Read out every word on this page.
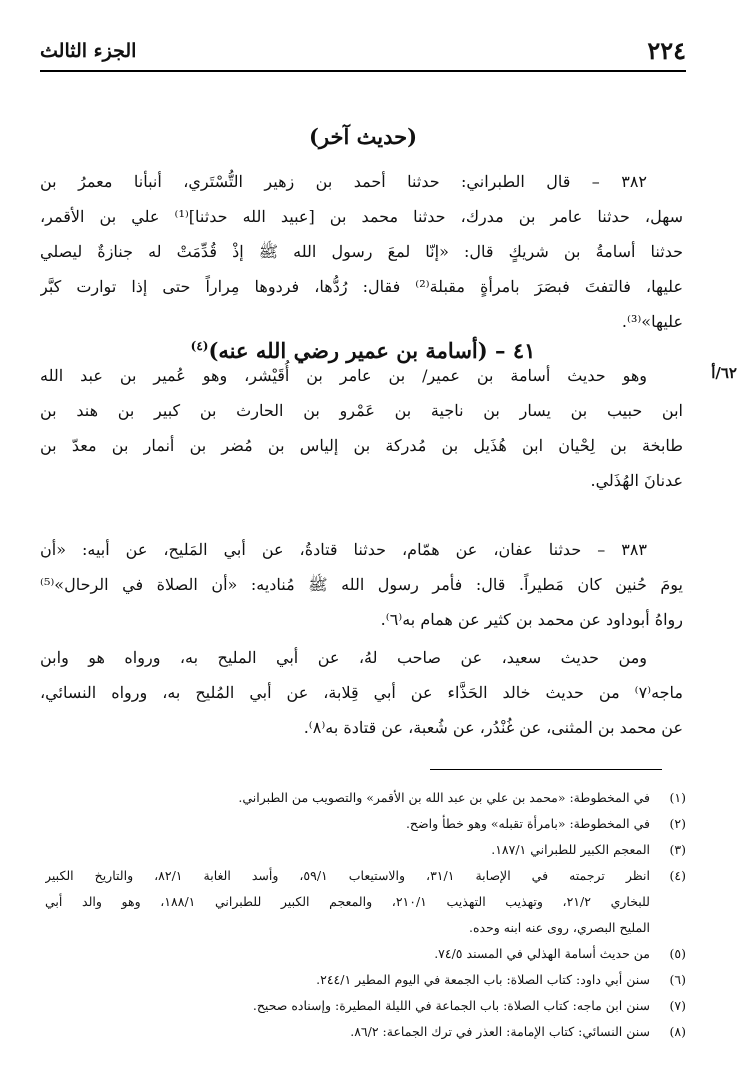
٢٢٤
الجزء الثالث
(حديث آخر)
٣٨٢ – قال الطبراني: حدثنا أحمد بن زهير التُّسْتَري، أنبأنا معمرُ بن
سهل، حدثنا عامر بن مدرك، حدثنا محمد بن [عبيد الله حدثنا]⁽¹⁾ علي بن الأقمر،
حدثنا أسامةُ بن شريكٍ قال: «إنّا لمعَ رسول الله ﷺ إذْ قُدِّمَتْ له جنازةٌ ليصلي
عليها، فالتفتَ فبصَرَ بامرأةٍ مقبلة⁽²⁾ فقال: رُدُّها، فردوها مِراراً حتى إذا توارت كبَّر
عليها»⁽³⁾.
٤١ – (أسامة بن عمير رضي الله عنه)$^{(٤)}$
٦٢/أ
وهو حديث أسامة بن عمير/ بن عامر بن أُقَيْشر، وهو عُمير بن عبد الله
ابن حبيب بن يسار بن ناجية بن عَمْرو بن الحارث بن كبير بن هند بن
طابخة بن لِحْيان ابن هُذَيل بن مُدركة بن إلياس بن مُضر بن أنمار بن معدّ بن
عدنانَ الهُذَلي.
٣٨٣ – حدثنا عفان، عن همّام، حدثنا قتادةُ، عن أبي المَليح، عن أبيه: «أن
يومَ حُنين كان مَطيراً. قال: فأمر رسول الله ﷺ مُناديه: «أن الصلاة في الرحال»⁽⁵⁾
رواهُ أبوداود عن محمد بن كثير عن همام به⁽٦⁾.
ومن حديث سعيد، عن صاحب لهُ، عن أبي المليح به، ورواه هو وابن
ماجه⁽٧⁾ من حديث خالد الحَذَّاء عن أبي قِلابة، عن أبي المُليح به، ورواه النسائي،
عن محمد بن المثنى، عن غُنْدُر، عن شُعبة، عن قتادة به⁽٨⁾.
(١)
في المخطوطة: «محمد بن علي بن عبد الله بن الأقمر» والتصويب من الطبراني.
(٢)
في المخطوطة: «بامرأة تقبله» وهو خطأ واضح.
(٣)
المعجم الكبير للطبراني ١٨٧/١.
(٤)
انظر ترجمته في الإصابة ٣١/١، والاستيعاب ٥٩/١، وأسد الغابة ٨٢/١، والتاريخ الكبير
للبخاري ٢١/٢، وتهذيب التهذيب ٢١٠/١، والمعجم الكبير للطبراني ١٨٨/١، وهو والد أبي
المليح البصري، روى عنه ابنه وحده.
(٥)
من حديث أسامة الهذلي في المسند ٧٤/٥.
(٦)
سنن أبي داود: كتاب الصلاة: باب الجمعة في اليوم المطير ٢٤٤/١.
(٧)
سنن ابن ماجه: كتاب الصلاة: باب الجماعة في الليلة المطيرة: وإسناده صحيح.
(٨)
سنن النسائي: كتاب الإمامة: العذر في ترك الجماعة: ٨٦/٢.
